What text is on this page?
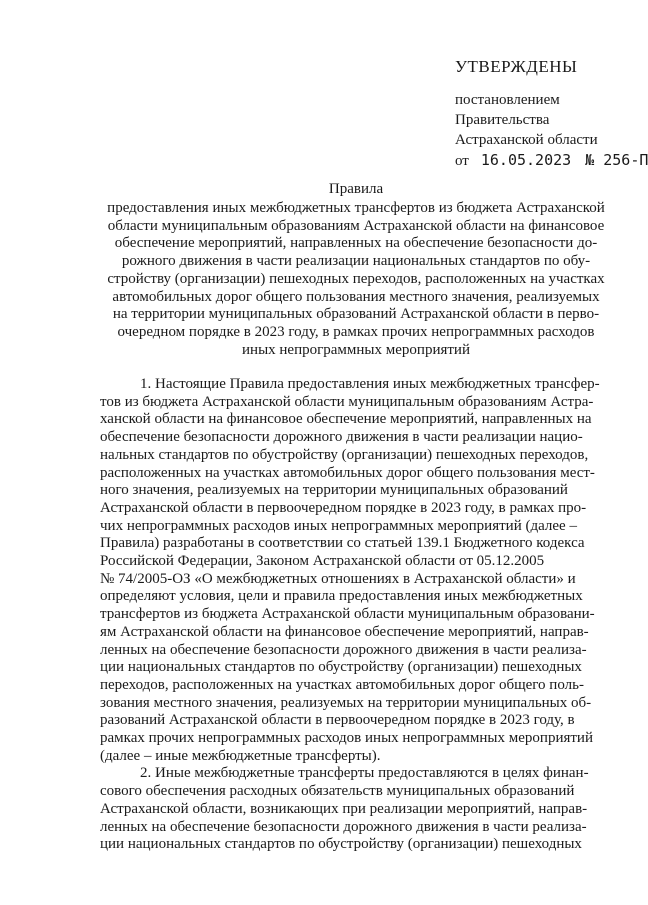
УТВЕРЖДЕНЫ
постановлением
Правительства
Астраханской области
от 16.05.2023 № 256-П
Правила
предоставления иных межбюджетных трансфертов из бюджета Астраханской
области муниципальным образованиям Астраханской области на финансовое
обеспечение мероприятий, направленных на обеспечение безопасности до-
рожного движения в части реализации национальных стандартов по обу-
стройству (организации) пешеходных переходов, расположенных на участках
автомобильных дорог общего пользования местного значения, реализуемых
на территории муниципальных образований Астраханской области в перво-
очередном порядке в 2023 году, в рамках прочих непрограммных расходов
иных непрограммных мероприятий
1. Настоящие Правила предоставления иных межбюджетных трансфер-
тов из бюджета Астраханской области муниципальным образованиям Астра-
ханской области на финансовое обеспечение мероприятий, направленных на
обеспечение безопасности дорожного движения в части реализации нацио-
нальных стандартов по обустройству (организации) пешеходных переходов,
расположенных на участках автомобильных дорог общего пользования мест-
ного значения, реализуемых на территории муниципальных образований
Астраханской области в первоочередном порядке в 2023 году, в рамках про-
чих непрограммных расходов иных непрограммных мероприятий (далее –
Правила) разработаны в соответствии со статьей 139.1 Бюджетного кодекса
Российской Федерации, Законом Астраханской области от 05.12.2005
№ 74/2005-ОЗ «О межбюджетных отношениях в Астраханской области» и
определяют условия, цели и правила предоставления иных межбюджетных
трансфертов из бюджета Астраханской области муниципальным образовани-
ям Астраханской области на финансовое обеспечение мероприятий, направ-
ленных на обеспечение безопасности дорожного движения в части реализа-
ции национальных стандартов по обустройству (организации) пешеходных
переходов, расположенных на участках автомобильных дорог общего поль-
зования местного значения, реализуемых на территории муниципальных об-
разований Астраханской области в первоочередном порядке в 2023 году, в
рамках прочих непрограммных расходов иных непрограммных мероприятий
(далее – иные межбюджетные трансферты).
2. Иные межбюджетные трансферты предоставляются в целях финан-
сового обеспечения расходных обязательств муниципальных образований
Астраханской области, возникающих при реализации мероприятий, направ-
ленных на обеспечение безопасности дорожного движения в части реализа-
ции национальных стандартов по обустройству (организации) пешеходных
